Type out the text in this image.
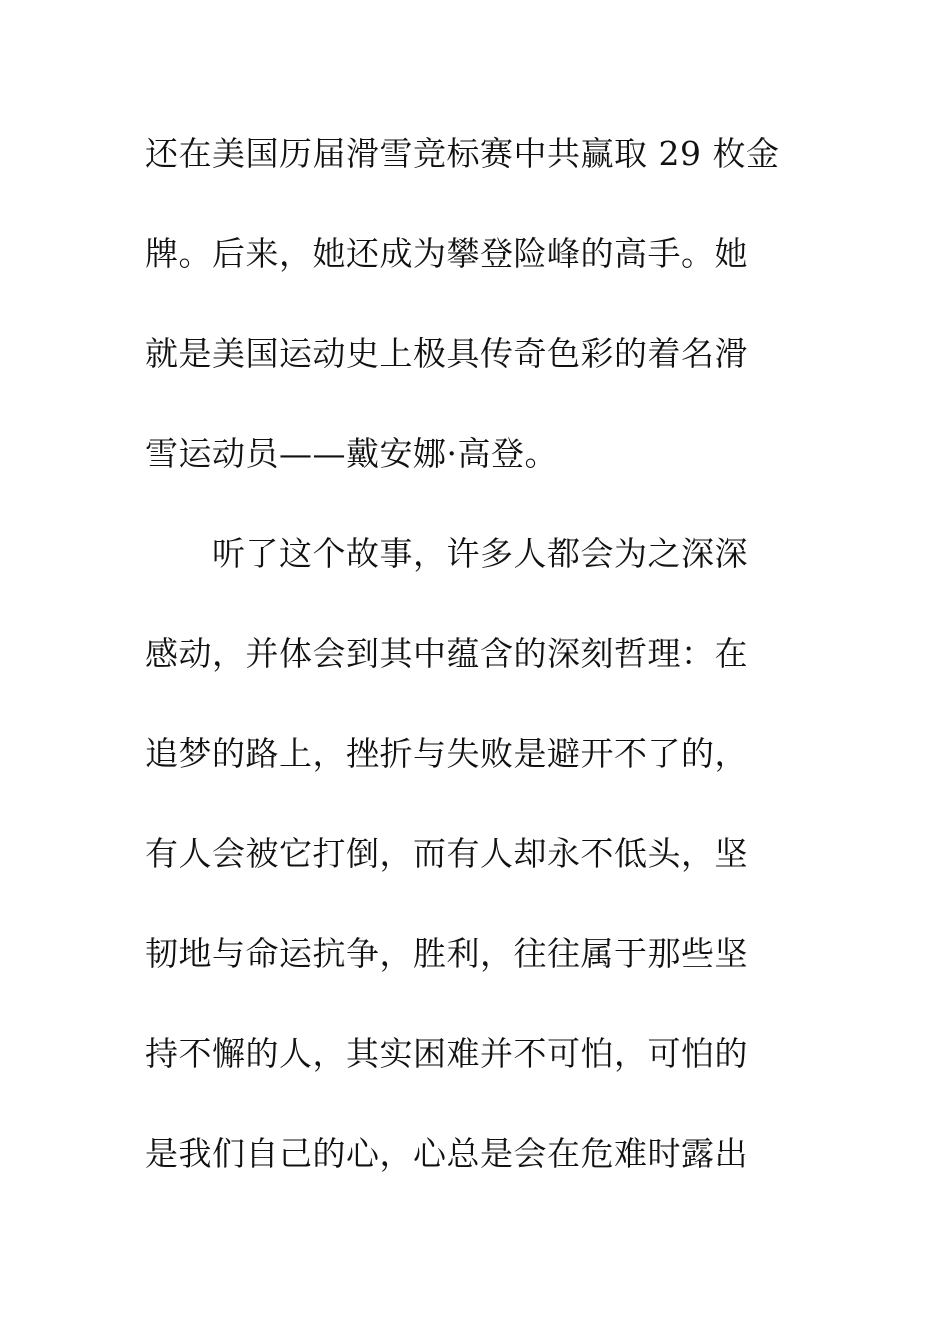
还在美国历届滑雪竞标赛中共赢取 29 枚金
牌。后来，她还成为攀登险峰的高手。她
就是美国运动史上极具传奇色彩的着名滑
雪运动员——戴安娜·高登。
　　听了这个故事，许多人都会为之深深
感动，并体会到其中蕴含的深刻哲理：在
追梦的路上，挫折与失败是避开不了的，
有人会被它打倒，而有人却永不低头，坚
韧地与命运抗争，胜利，往往属于那些坚
持不懈的人，其实困难并不可怕，可怕的
是我们自己的心，心总是会在危难时露出
